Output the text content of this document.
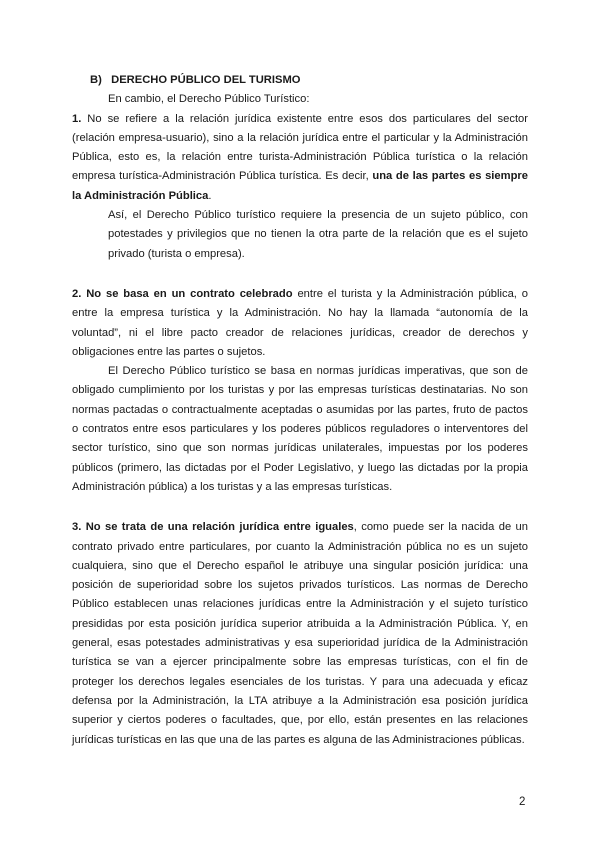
B) DERECHO PÚBLICO DEL TURISMO

En cambio, el Derecho Público Turístico:

1. No se refiere a la relación jurídica existente entre esos dos particulares del sector (relación empresa-usuario), sino a la relación jurídica entre el particular y la Administración Pública, esto es, la relación entre turista-Administración Pública turística o la relación empresa turística-Administración Pública turística. Es decir, una de las partes es siempre la Administración Pública.

Así, el Derecho Público turístico requiere la presencia de un sujeto público, con potestades y privilegios que no tienen la otra parte de la relación que es el sujeto privado (turista o empresa).

2. No se basa en un contrato celebrado entre el turista y la Administración pública, o entre la empresa turística y la Administración. No hay la llamada “autonomía de la voluntad”, ni el libre pacto creador de relaciones jurídicas, creador de derechos y obligaciones entre las partes o sujetos.

El Derecho Público turístico se basa en normas jurídicas imperativas, que son de obligado cumplimiento por los turistas y por las empresas turísticas destinatarias. No son normas pactadas o contractualmente aceptadas o asumidas por las partes, fruto de pactos o contratos entre esos particulares y los poderes públicos reguladores o interventores del sector turístico, sino que son normas jurídicas unilaterales, impuestas por los poderes públicos (primero, las dictadas por el Poder Legislativo, y luego las dictadas por la propia Administración pública) a los turistas y a las empresas turísticas.

3. No se trata de una relación jurídica entre iguales, como puede ser la nacida de un contrato privado entre particulares, por cuanto la Administración pública no es un sujeto cualquiera, sino que el Derecho español le atribuye una singular posición jurídica: una posición de superioridad sobre los sujetos privados turísticos. Las normas de Derecho Público establecen unas relaciones jurídicas entre la Administración y el sujeto turístico presididas por esta posición jurídica superior atribuida a la Administración Pública. Y, en general, esas potestades administrativas y esa superioridad jurídica de la Administración turística se van a ejercer principalmente sobre las empresas turísticas, con el fin de proteger los derechos legales esenciales de los turistas. Y para una adecuada y eficaz defensa por la Administración, la LTA atribuye a la Administración esa posición jurídica superior y ciertos poderes o facultades, que, por ello, están presentes en las relaciones jurídicas turísticas en las que una de las partes es alguna de las Administraciones públicas.

2
